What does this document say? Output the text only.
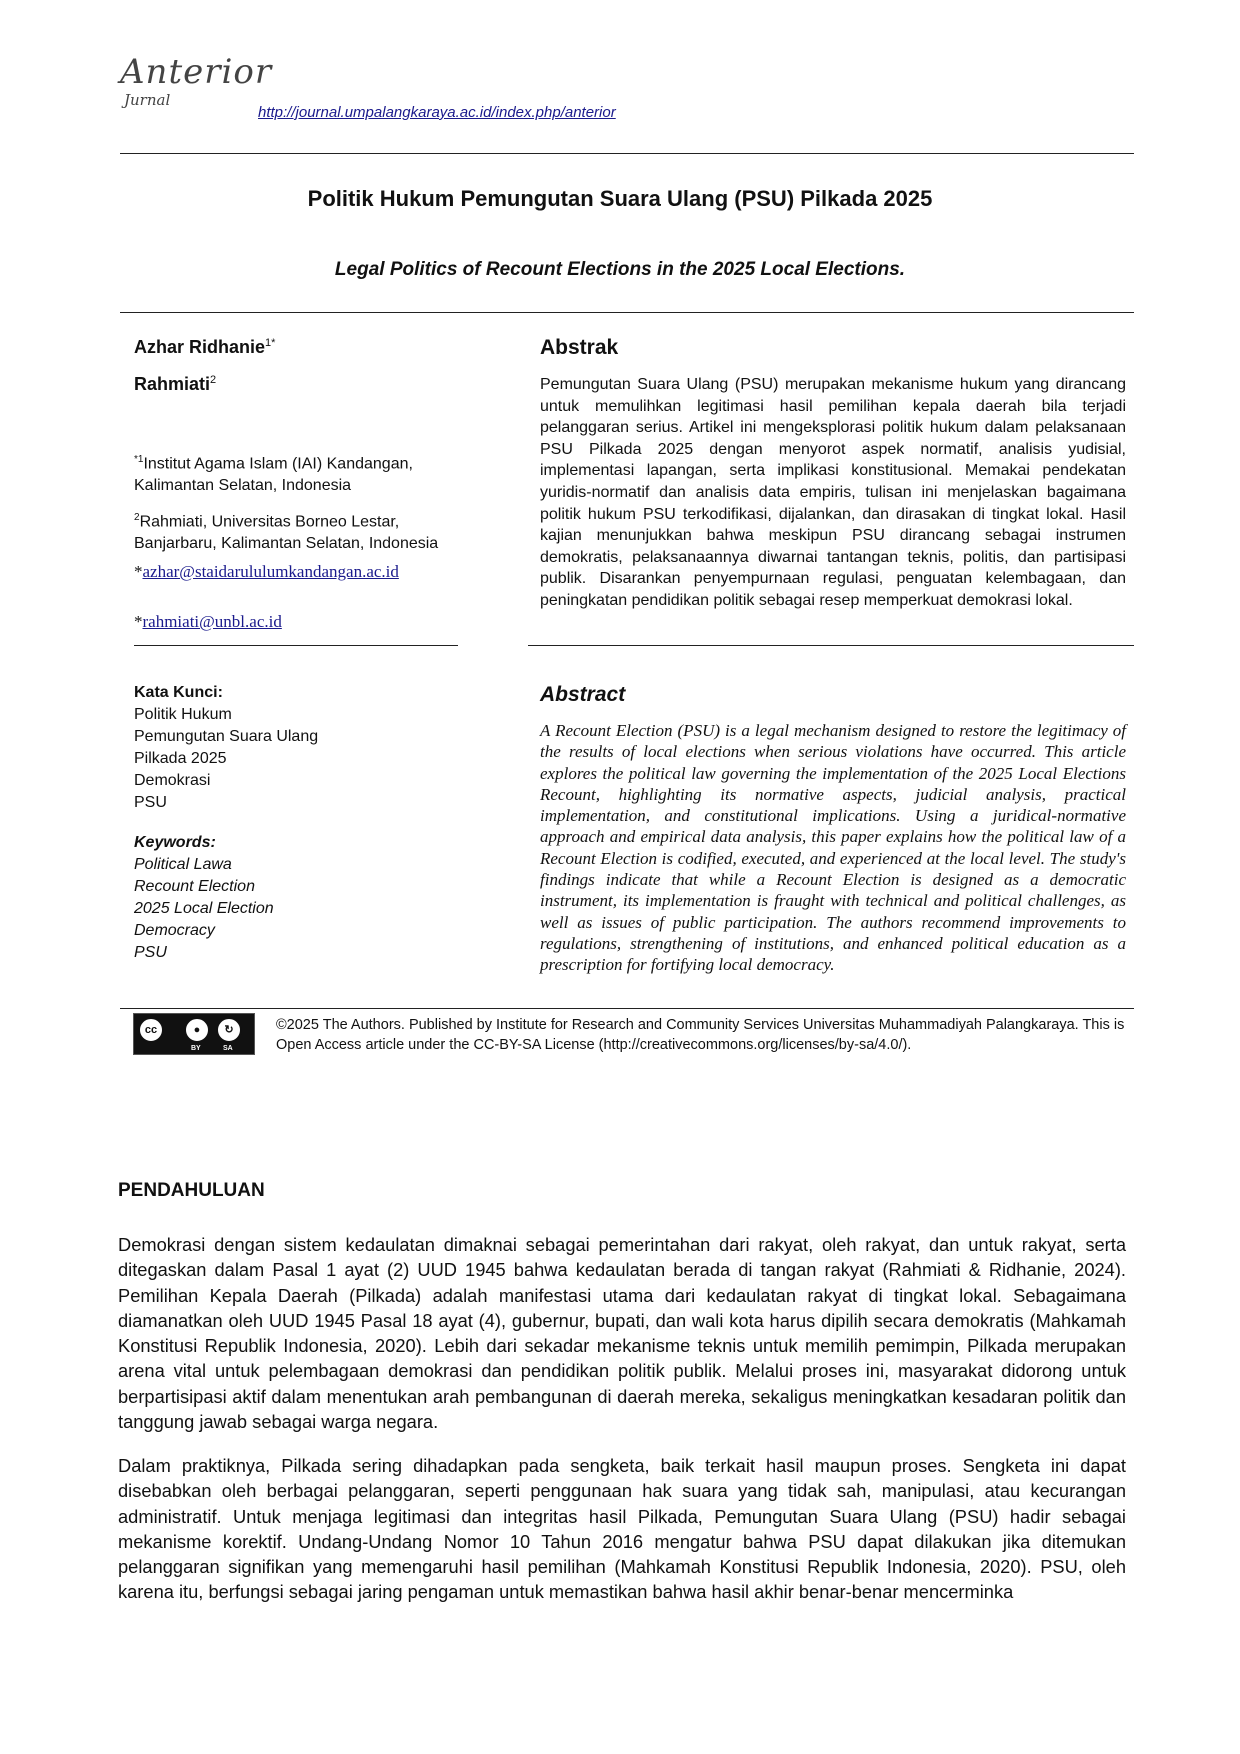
Anterior
Jurnal
http://journal.umpalangkaraya.ac.id/index.php/anterior
Politik Hukum Pemungutan Suara Ulang (PSU) Pilkada 2025
Legal Politics of Recount Elections in the 2025 Local Elections.
Azhar Ridhanie$^{1*}$
Rahmiati$^2$
$^{*1}$Institut Agama Islam (IAI) Kandangan, Kalimantan Selatan, Indonesia
$^2$Rahmiati, Universitas Borneo Lestar, Banjarbaru, Kalimantan Selatan, Indonesia
*azhar@staidarululumkandangan.ac.id
*rahmiati@unbl.ac.id
Kata Kunci:
Politik Hukum
Pemungutan Suara Ulang
Pilkada 2025
Demokrasi
PSU
Keywords:
Political Lawa
Recount Election
2025 Local Election
Democracy
PSU
Abstrak
Pemungutan Suara Ulang (PSU) merupakan mekanisme hukum yang dirancang untuk memulihkan legitimasi hasil pemilihan kepala daerah bila terjadi pelanggaran serius. Artikel ini mengeksplorasi politik hukum dalam pelaksanaan PSU Pilkada 2025 dengan menyorot aspek normatif, analisis yudisial, implementasi lapangan, serta implikasi konstitusional. Memakai pendekatan yuridis-normatif dan analisis data empiris, tulisan ini menjelaskan bagaimana politik hukum PSU terkodifikasi, dijalankan, dan dirasakan di tingkat lokal. Hasil kajian menunjukkan bahwa meskipun PSU dirancang sebagai instrumen demokratis, pelaksanaannya diwarnai tantangan teknis, politis, dan partisipasi publik. Disarankan penyempurnaan regulasi, penguatan kelembagaan, dan peningkatan pendidikan politik sebagai resep memperkuat demokrasi lokal.
Abstract
A Recount Election (PSU) is a legal mechanism designed to restore the legitimacy of the results of local elections when serious violations have occurred. This article explores the political law governing the implementation of the 2025 Local Elections Recount, highlighting its normative aspects, judicial analysis, practical implementation, and constitutional implications. Using a juridical-normative approach and empirical data analysis, this paper explains how the political law of a Recount Election is codified, executed, and experienced at the local level. The study's findings indicate that while a Recount Election is designed as a democratic instrument, its implementation is fraught with technical and political challenges, as well as issues of public participation. The authors recommend improvements to regulations, strengthening of institutions, and enhanced political education as a prescription for fortifying local democracy.
cc	●	↻
BY	SA
©2025 The Authors. Published by Institute for Research and Community Services Universitas Muhammadiyah Palangkaraya. This is Open Access article under the CC-BY-SA License (http://creativecommons.org/licenses/by-sa/4.0/).
PENDAHULUAN
Demokrasi dengan sistem kedaulatan dimaknai sebagai pemerintahan dari rakyat, oleh rakyat, dan untuk rakyat, serta ditegaskan dalam Pasal 1 ayat (2) UUD 1945 bahwa kedaulatan berada di tangan rakyat (Rahmiati & Ridhanie, 2024). Pemilihan Kepala Daerah (Pilkada) adalah manifestasi utama dari kedaulatan rakyat di tingkat lokal. Sebagaimana diamanatkan oleh UUD 1945 Pasal 18 ayat (4), gubernur, bupati, dan wali kota harus dipilih secara demokratis (Mahkamah Konstitusi Republik Indonesia, 2020). Lebih dari sekadar mekanisme teknis untuk memilih pemimpin, Pilkada merupakan arena vital untuk pelembagaan demokrasi dan pendidikan politik publik. Melalui proses ini, masyarakat didorong untuk berpartisipasi aktif dalam menentukan arah pembangunan di daerah mereka, sekaligus meningkatkan kesadaran politik dan tanggung jawab sebagai warga negara.
Dalam praktiknya, Pilkada sering dihadapkan pada sengketa, baik terkait hasil maupun proses. Sengketa ini dapat disebabkan oleh berbagai pelanggaran, seperti penggunaan hak suara yang tidak sah, manipulasi, atau kecurangan administratif. Untuk menjaga legitimasi dan integritas hasil Pilkada, Pemungutan Suara Ulang (PSU) hadir sebagai mekanisme korektif. Undang-Undang Nomor 10 Tahun 2016 mengatur bahwa PSU dapat dilakukan jika ditemukan pelanggaran signifikan yang memengaruhi hasil pemilihan (Mahkamah Konstitusi Republik Indonesia, 2020). PSU, oleh karena itu, berfungsi sebagai jaring pengaman untuk memastikan bahwa hasil akhir benar-benar mencerminka
